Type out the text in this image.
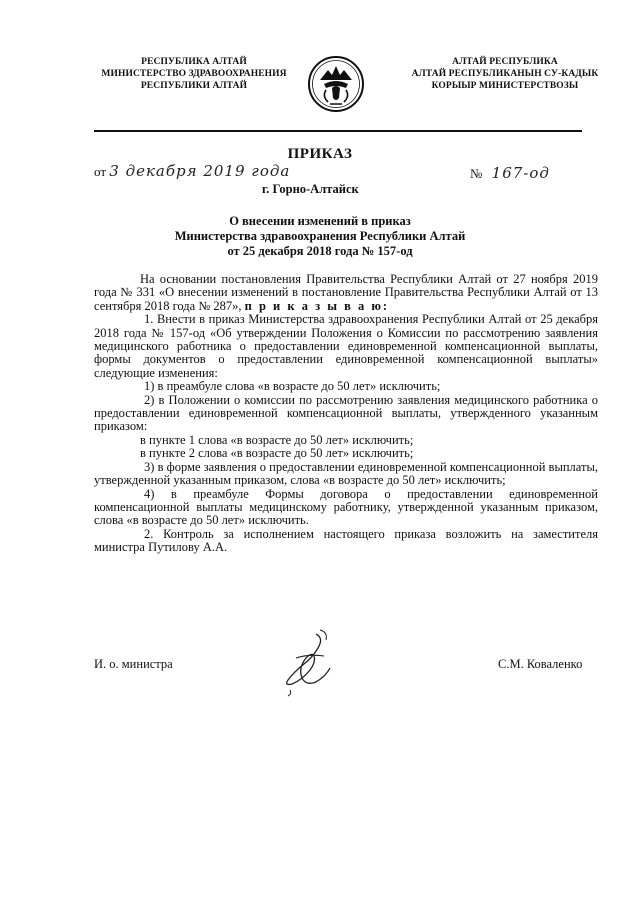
РЕСПУБЛИКА АЛТАЙ
МИНИСТЕРСТВО ЗДРАВООХРАНЕНИЯ
РЕСПУБЛИКИ АЛТАЙ
АЛТАЙ РЕСПУБЛИКА
АЛТАЙ РЕСПУБЛИКАНЫН СУ-КАДЫК
КОРЫЫР МИНИСТЕРСТВОЗЫ
ПРИКАЗ
от 3 декабря 2019 года	№ 167-од
г. Горно-Алтайск
О внесении изменений в приказ
Министерства здравоохранения Республики Алтай
от 25 декабря 2018 года № 157-од

На основании постановления Правительства Республики Алтай от 27 ноября 2019 года № 331 «О внесении изменений в постановление Правительства Республики Алтай от 13 сентября 2018 года № 287», п р и к а з ы в а ю:

1. Внести в приказ Министерства здравоохранения Республики Алтай от 25 декабря 2018 года № 157-од «Об утверждении Положения о Комиссии по рассмотрению заявления медицинского работника о предоставлении единовременной компенсационной выплаты, формы документов о предоставлении единовременной компенсационной выплаты» следующие изменения:

1) в преамбуле слова «в возрасте до 50 лет» исключить;

2) в Положении о комиссии по рассмотрению заявления медицинского работника о предоставлении единовременной компенсационной выплаты, утвержденного указанным приказом:

в пункте 1 слова «в возрасте до 50 лет» исключить;

в пункте 2 слова «в возрасте до 50 лет» исключить;

3) в форме заявления о предоставлении единовременной компенсационной выплаты, утвержденной указанным приказом, слова «в возрасте до 50 лет» исключить;

4) в преамбуле Формы договора о предоставлении единовременной компенсационной выплаты медицинскому работнику, утвержденной указанным приказом, слова «в возрасте до 50 лет» исключить.

2. Контроль за исполнением настоящего приказа возложить на заместителя министра Путилову А.А.

И. о. министра	С.М. Коваленко
